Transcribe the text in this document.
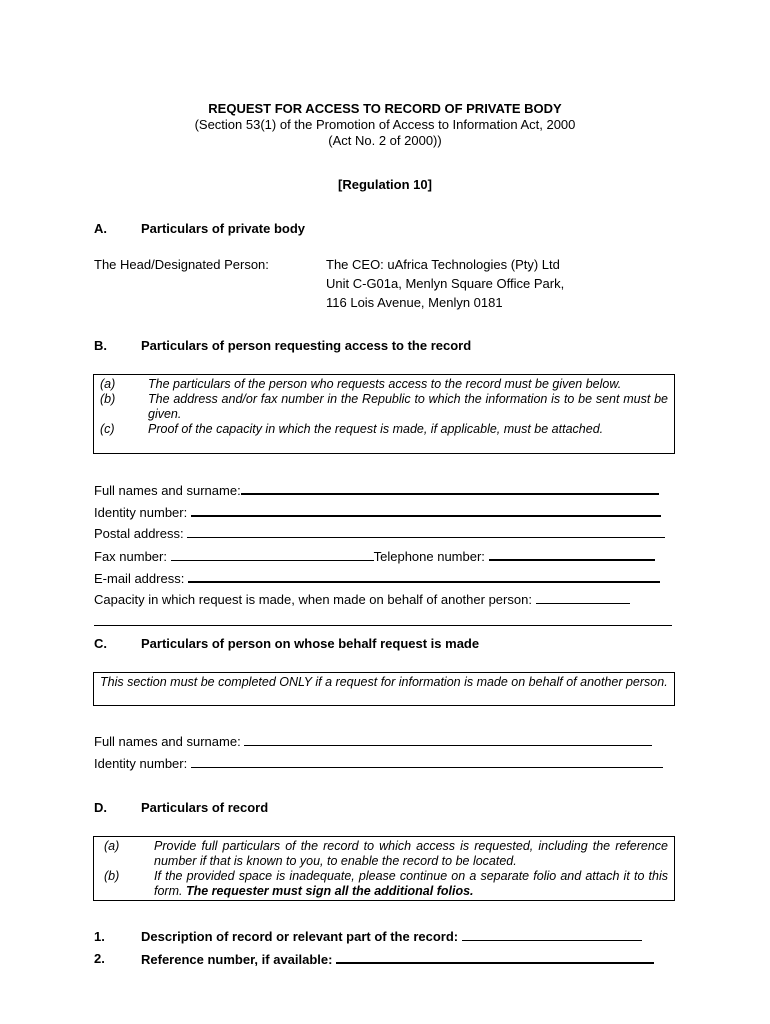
REQUEST FOR ACCESS TO RECORD OF PRIVATE BODY
(Section 53(1) of the Promotion of Access to Information Act, 2000
(Act No. 2 of 2000))
[Regulation 10]
A.	Particulars of private body
The Head/Designated Person:	The CEO: uAfrica Technologies (Pty) Ltd
Unit C-G01a, Menlyn Square Office Park,
116 Lois Avenue, Menlyn 0181
B.	Particulars of person requesting access to the record
(a)	The particulars of the person who requests access to the record must be given below.
(b)	The address and/or fax number in the Republic to which the information is to be sent must be given.
(c)	Proof of the capacity in which the request is made, if applicable, must be attached.
Full names and surname:
Identity number:
Postal address:
Fax number:	Telephone number:
E-mail address:
Capacity in which request is made, when made on behalf of another person:
C.	Particulars of person on whose behalf request is made
This section must be completed ONLY if a request for information is made on behalf of another person.
Full names and surname:
Identity number:
D.	Particulars of record
(a)	Provide full particulars of the record to which access is requested, including the reference number if that is known to you, to enable the record to be located.
(b)	If the provided space is inadequate, please continue on a separate folio and attach it to this form. The requester must sign all the additional folios.
1.	Description of record or relevant part of the record:
2.	Reference number, if available:
